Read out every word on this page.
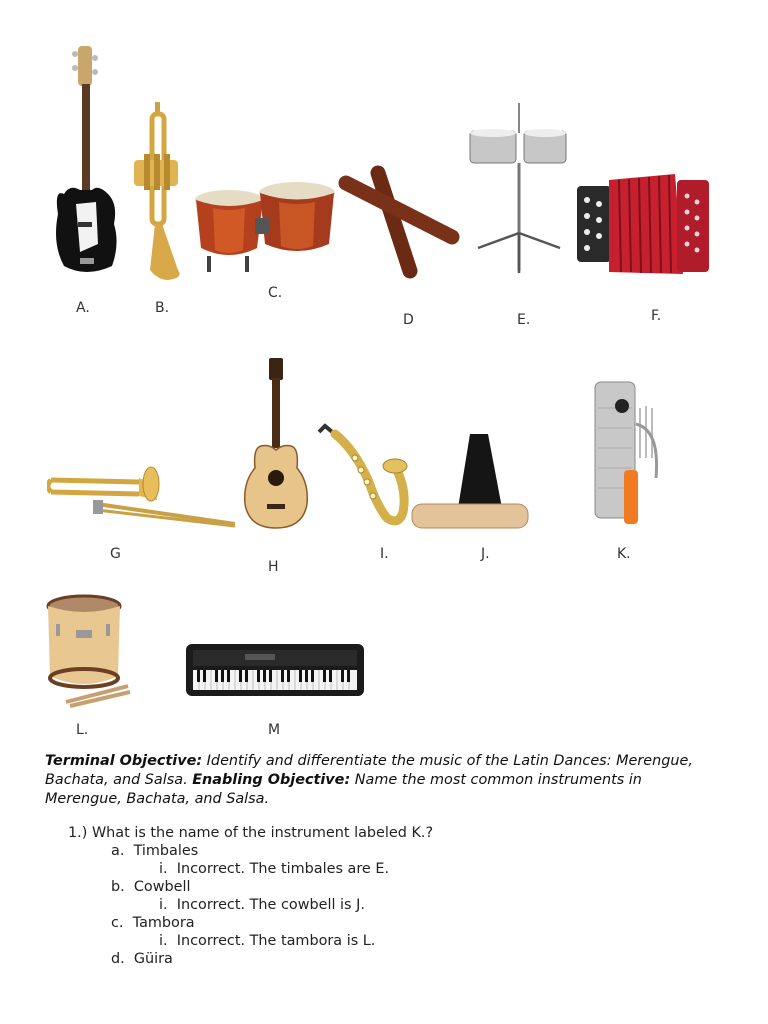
A.	B.
C.
D	E.	F.
G
H
I.	J.	K.
L.	M
Terminal Objective: Identify and differentiate the music of the Latin Dances: Merengue, Bachata, and Salsa. Enabling Objective: Name the most common instruments in Merengue, Bachata, and Salsa.
1.) What is the name of the instrument labeled K.?
a. Timbales
i. Incorrect. The timbales are E.
b. Cowbell
i. Incorrect. The cowbell is J.
c. Tambora
i. Incorrect. The tambora is L.
d. Güira
